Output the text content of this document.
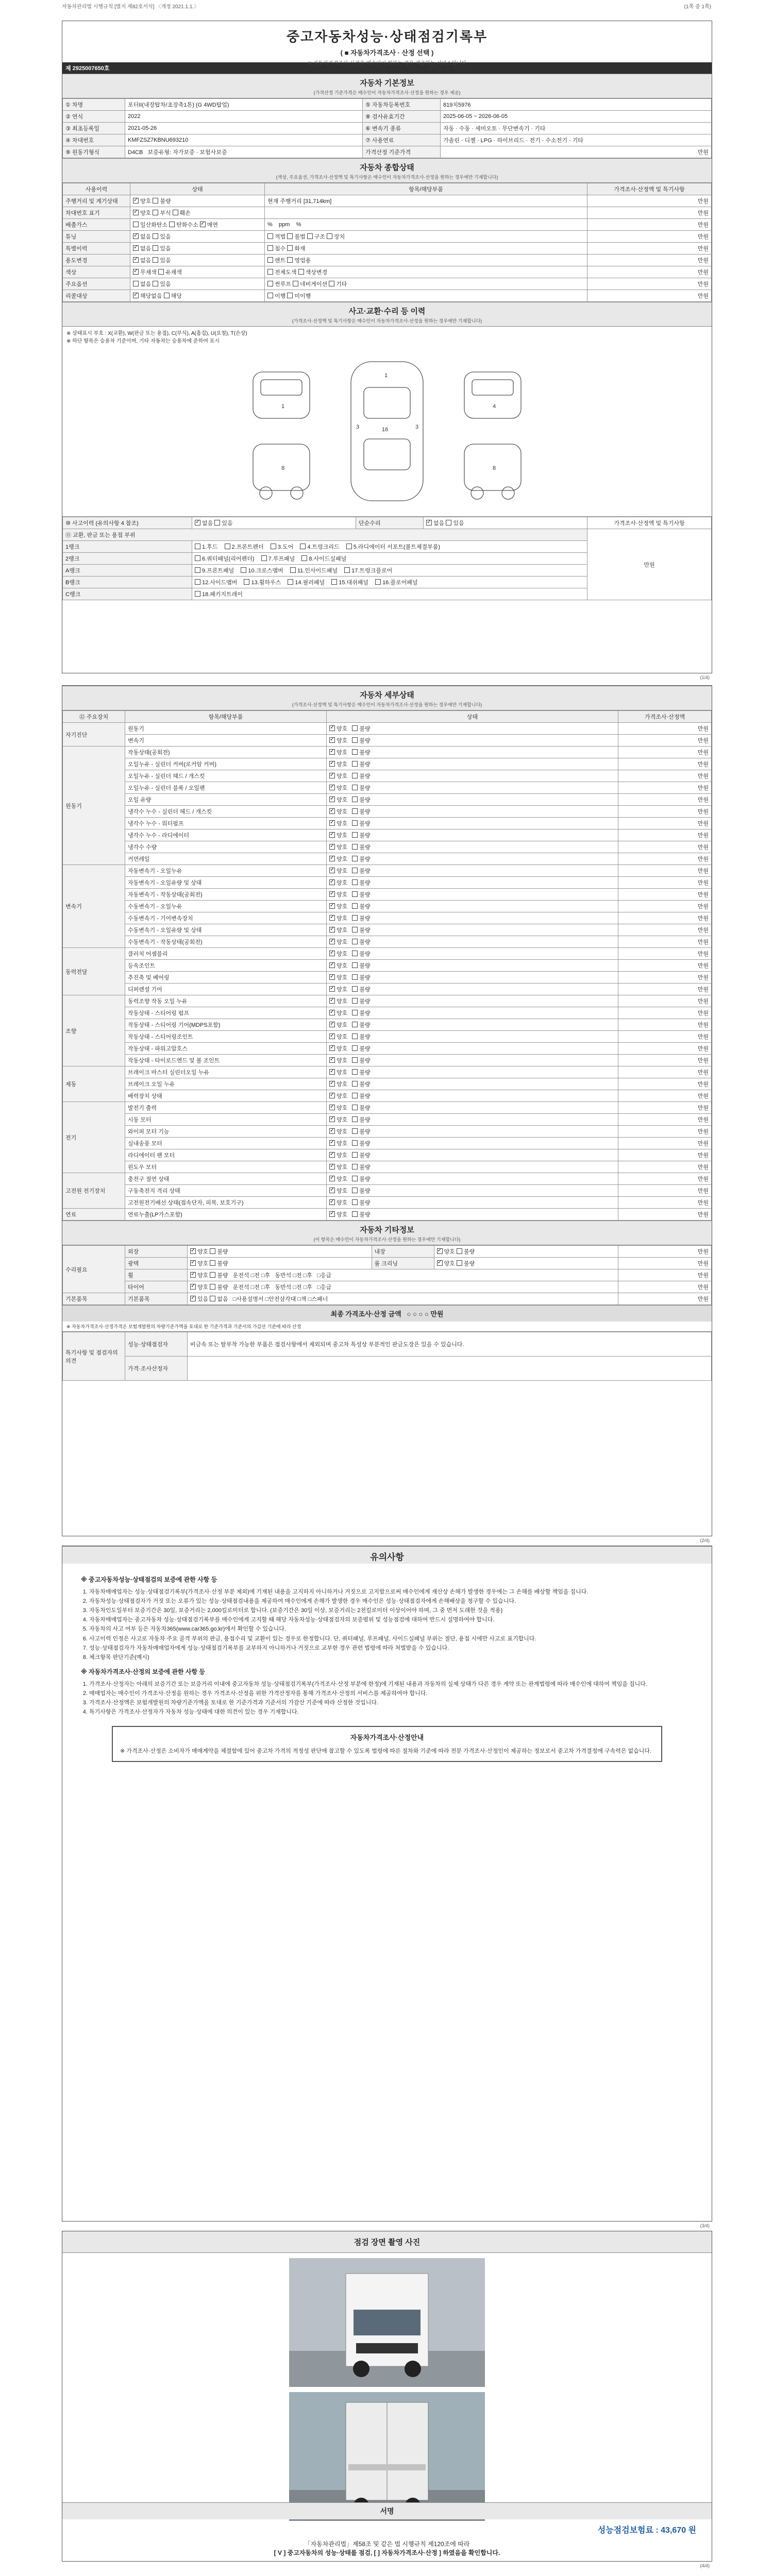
자동차관리법 시행규칙 [별지 제82호서식] 〈개정 2021.1.1.〉	(1쪽 중 1쪽)
중고자동차성능·상태점검기록부
( ■ 자동차가격조사 · 산정 선택 )
※ 자동차가격조사·산정은 매수인이 원하는 경우 제공하는 서비스입니다
제 2925007650호
자동차 기본정보
(가격산정 기준가격은 매수인이 자동차가격조사·산정을 원하는 경우 제공)
① 차명	포터II(내장탑차/초장축1톤) (G 4WD탑업)	⑤ 자동차등록번호	819치5976
② 연식	2022	⑧ 검사유효기간	2025-06-05 ~ 2026-06-05
③ 최초등록일	2021-05-26	⑥ 변속기 종류	자동 · 수동 · 세미오토 · 무단변속기 · 기타
④ 차대번호	KMFZSZ7KBNU693210	⑦ 사용연료	가솔린 · 디젤 · LPG · 하이브리드 · 전기 · 수소전기 · 기타
⑨ 원동기형식	D4CB 보증유형: 자가보증 · 보험사보증	가격산정 기준가격	만원
자동차 종합상태
(색상, 주요옵션, 가격조사·산정액 및 특기사항은 매수인이 자동차가격조사·산정을 원하는 경우에만 기재합니다)
사용이력	상태	항목/해당부품	가격조사·산정액 및 특기사항
주행거리 및 계기상태	✓양호 불량	현재 주행거리 [31,714km]	만원
차대번호 표기	✓양호 부식 훼손		만원
배출가스	일산화탄소 탄화수소 ✓매연	%    ppm    %	만원
튜닝	✓없음 있음	적법 불법 구조 장치	만원
특별이력	✓없음 있음	침수 화재	만원
용도변경	✓없음 있음	렌트 영업용	만원
색상	✓무채색 유채색	전체도색 색상변경	만원
주요옵션	없음 있음	썬루프 네비게이션 기타	만원
리콜대상	✓해당없음 해당	이행 미이행	만원
사고·교환·수리 등 이력
(가격조사·산정액 및 특기사항은 매수인이 자동차가격조사·산정을 원하는 경우에만 기재합니다)
※ 상태표시 부호 : X(교환), W(판금 또는 용접), C(부식), A(흠집), U(요철), T(손상)
※ 하단 항목은 승용차 기준이며, 기타 자동차는 승용차에 준하여 표시
1
1
4
16
3	3
8	8
⑩ 사고이력 (유의사항 4 참조)	✓없음 있음	단순수리	✓없음 있음	가격조사·산정액 및 특기사항
⑪ 교환, 판금 또는 용접 부위				만원
1랭크	1.후드 2.프론트펜더 3.도어 4.트렁크리드 5.라디에이터 서포트(볼트체결부품)			
2랭크	6.쿼터패널(리어펜더) 7.루프패널 8.사이드실패널			
A랭크	9.프론트패널 10.크로스멤버 11.인사이드패널 17.트렁크플로어			
B랭크	12.사이드멤버 13.휠하우스 14.필러패널 15.대쉬패널 16.플로어패널			
C랭크	18.패키지트레이			
(1/4)
자동차 세부상태
(가격조사·산정액 및 특기사항은 매수인이 자동차가격조사·산정을 원하는 경우에만 기재합니다)
⑫ 주요장치	항목/해당부품	상태	가격조사·산정액
자기진단	원동기	✓양호   불량	만원
	변속기	✓양호   불량	만원
원동기	작동상태(공회전)	✓양호   불량	만원
	오일누유 - 실린더 커버(로커암 커버)	✓양호   불량	만원
	오일누유 - 실린더 헤드 / 개스킷	✓양호   불량	만원
	오일누유 - 실린더 블록 / 오일팬	✓양호   불량	만원
	오일 유량	✓양호   불량	만원
	냉각수 누수 - 실린더 헤드 / 개스킷	✓양호   불량	만원
	냉각수 누수 - 워터펌프	✓양호   불량	만원
	냉각수 누수 - 라디에이터	✓양호   불량	만원
	냉각수 수량	✓양호   불량	만원
	커먼레일	✓양호   불량	만원
변속기	자동변속기 - 오일누유	✓양호   불량	만원
	자동변속기 - 오일유량 및 상태	✓양호   불량	만원
	자동변속기 - 작동상태(공회전)	✓양호   불량	만원
	수동변속기 - 오일누유	✓양호   불량	만원
	수동변속기 - 기어변속장치	✓양호   불량	만원
	수동변속기 - 오일유량 및 상태	✓양호   불량	만원
	수동변속기 - 작동상태(공회전)	✓양호   불량	만원
동력전달	클러치 어셈블리	✓양호   불량	만원
	등속조인트	✓양호   불량	만원
	추진축 및 베어링	✓양호   불량	만원
	디퍼렌셜 기어	✓양호   불량	만원
조향	동력조향 작동 오일 누유	✓양호   불량	만원
	작동상태 - 스티어링 펌프	✓양호   불량	만원
	작동상태 - 스티어링 기어(MDPS포함)	✓양호   불량	만원
	작동상태 - 스티어링조인트	✓양호   불량	만원
	작동상태 - 파워고압호스	✓양호   불량	만원
	작동상태 - 타이로드엔드 및 볼 조인트	✓양호   불량	만원
제동	브레이크 마스터 실린더오일 누유	✓양호   불량	만원
	브레이크 오일 누유	✓양호   불량	만원
	배력장치 상태	✓양호   불량	만원
전기	발전기 출력	✓양호   불량	만원
	시동 모터	✓양호   불량	만원
	와이퍼 모터 기능	✓양호   불량	만원
	실내송풍 모터	✓양호   불량	만원
	라디에이터 팬 모터	✓양호   불량	만원
	윈도우 모터	✓양호   불량	만원
고전원 전기장치	충전구 절연 상태	✓양호   불량	만원
	구동축전지 격리 상태	✓양호   불량	만원
	고전원전기배선 상태(접속단자, 피복, 보호기구)	✓양호   불량	만원
연료	연료누출(LP가스포함)	✓양호   불량	만원
자동차 기타정보
(이 항목은 매수인이 자동차가격조사·산정을 원하는 경우에만 기재합니다)
수리필요	외장	✓양호 불량	내장	✓양호 불량	만원
	광택	✓양호 불량	룸 크리닝	✓양호 불량	만원
	휠	✓양호 불량   운전석 □전 □후   동반석 □전 □후   □응급			만원
	타이어	✓양호 불량   운전석 □전 □후   동반석 □전 □후   □응급			만원
기본품목	기본품목	✓있음 없음   □사용설명서 □안전삼각대 □잭 □스패너			만원
최종 가격조사·산정 금액 ○ ○ ○ ○ 만원
※ 자동차가격조사·산정가격은 보험개발원의 차량기준가액을 토대로 한 기준가격과 기준서의 가감산 기준에 따라 산정
특기사항 및 점검자의 의견	성능·상태점검자	비금속 또는 탈부착 가능한 부품은 점검사항에서 제외되며 중고차 특성상 부분적인 판금도장은 있을 수 있습니다.
	가격·조사산정자	
(2/4)
유의사항
※ 중고자동차성능·상태점검의 보증에 관한 사항 등
1. 자동차매매업자는 성능·상태점검기록부(가격조사·산정 부분 제외)에 기재된 내용을 고지하지 아니하거나 거짓으로 고지함으로써 매수인에게 재산상 손해가 발생한 경우에는 그 손해를 배상할 책임을 집니다.
2. 자동차성능·상태점검자가 거짓 또는 오류가 있는 성능·상태점검내용을 제공하여 매수인에게 손해가 발생한 경우 매수인은 성능·상태점검자에게 손해배상을 청구할 수 있습니다.
3. 자동차인도일부터 보증기간은 30일, 보증거리는 2,000킬로미터로 합니다. (보증기간은 30일 이상, 보증거리는 2천킬로미터 이상이어야 하며, 그 중 먼저 도래한 것을 적용)
4. 자동차매매업자는 중고자동차 성능·상태점검기록부를 매수인에게 고지할 때 해당 자동차성능·상태점검자의 보증범위 및 성능점검에 대하여 반드시 설명하여야 합니다.
5. 자동차의 사고 여부 등은 자동차365(www.car365.go.kr)에서 확인할 수 있습니다.
6. 사고이력 인정은 사고로 자동차 주요 골격 부위의 판금, 용접수리 및 교환이 있는 경우로 한정합니다. 단, 쿼터패널, 루프패널, 사이드실패널 부위는 절단, 용접 시에만 사고로 표기합니다.
7. 성능·상태점검자가 자동차매매업자에게 성능·상태점검기록부를 교부하지 아니하거나 거짓으로 교부한 경우 관련 법령에 따라 처벌받을 수 있습니다.
8. 체크항목 판단기준(예시)
※ 자동차가격조사·산정의 보증에 관한 사항 등
1. 가격조사·산정자는 아래의 보증기간 또는 보증거리 이내에 중고자동차 성능·상태점검기록부(가격조사·산정 부분에 한정)에 기재된 내용과 자동차의 실제 상태가 다른 경우 계약 또는 관계법령에 따라 매수인에 대하여 책임을 집니다.
2. 매매업자는 매수인이 가격조사·산정을 원하는 경우 가격조사·산정을 위한 가격산정자를 통해 가격조사·산정의 서비스를 제공하여야 합니다.
3. 가격조사·산정액은 보험개발원의 차량기준가액을 토대로 한 기준가격과 기준서의 가감산 기준에 따라 산정한 것입니다.
4. 특기사항은 가격조사·산정자가 자동차 성능·상태에 대한 의견이 있는 경우 기재합니다.
자동차가격조사·산정안내
※ 가격조사·산정은 소비자가 매매계약을 체결함에 있어 중고차 가격의 적정성 판단에 참고할 수 있도록 법령에 따른 절차와 기준에 따라 전문 가격조사·산정인이 제공하는 정보로서 중고차 가격결정에 구속력은 없습니다.
(3/4)
점검 장면 촬영 사진
서명
성능점검보험료 : 43,670 원
「자동차관리법」제58조 및 같은 법 시행규칙 제120조에 따라
[ V ] 중고자동차의 성능·상태를 점검, [ ] 자동차가격조사·산정 ] 하였음을 확인합니다.
(4/4)
